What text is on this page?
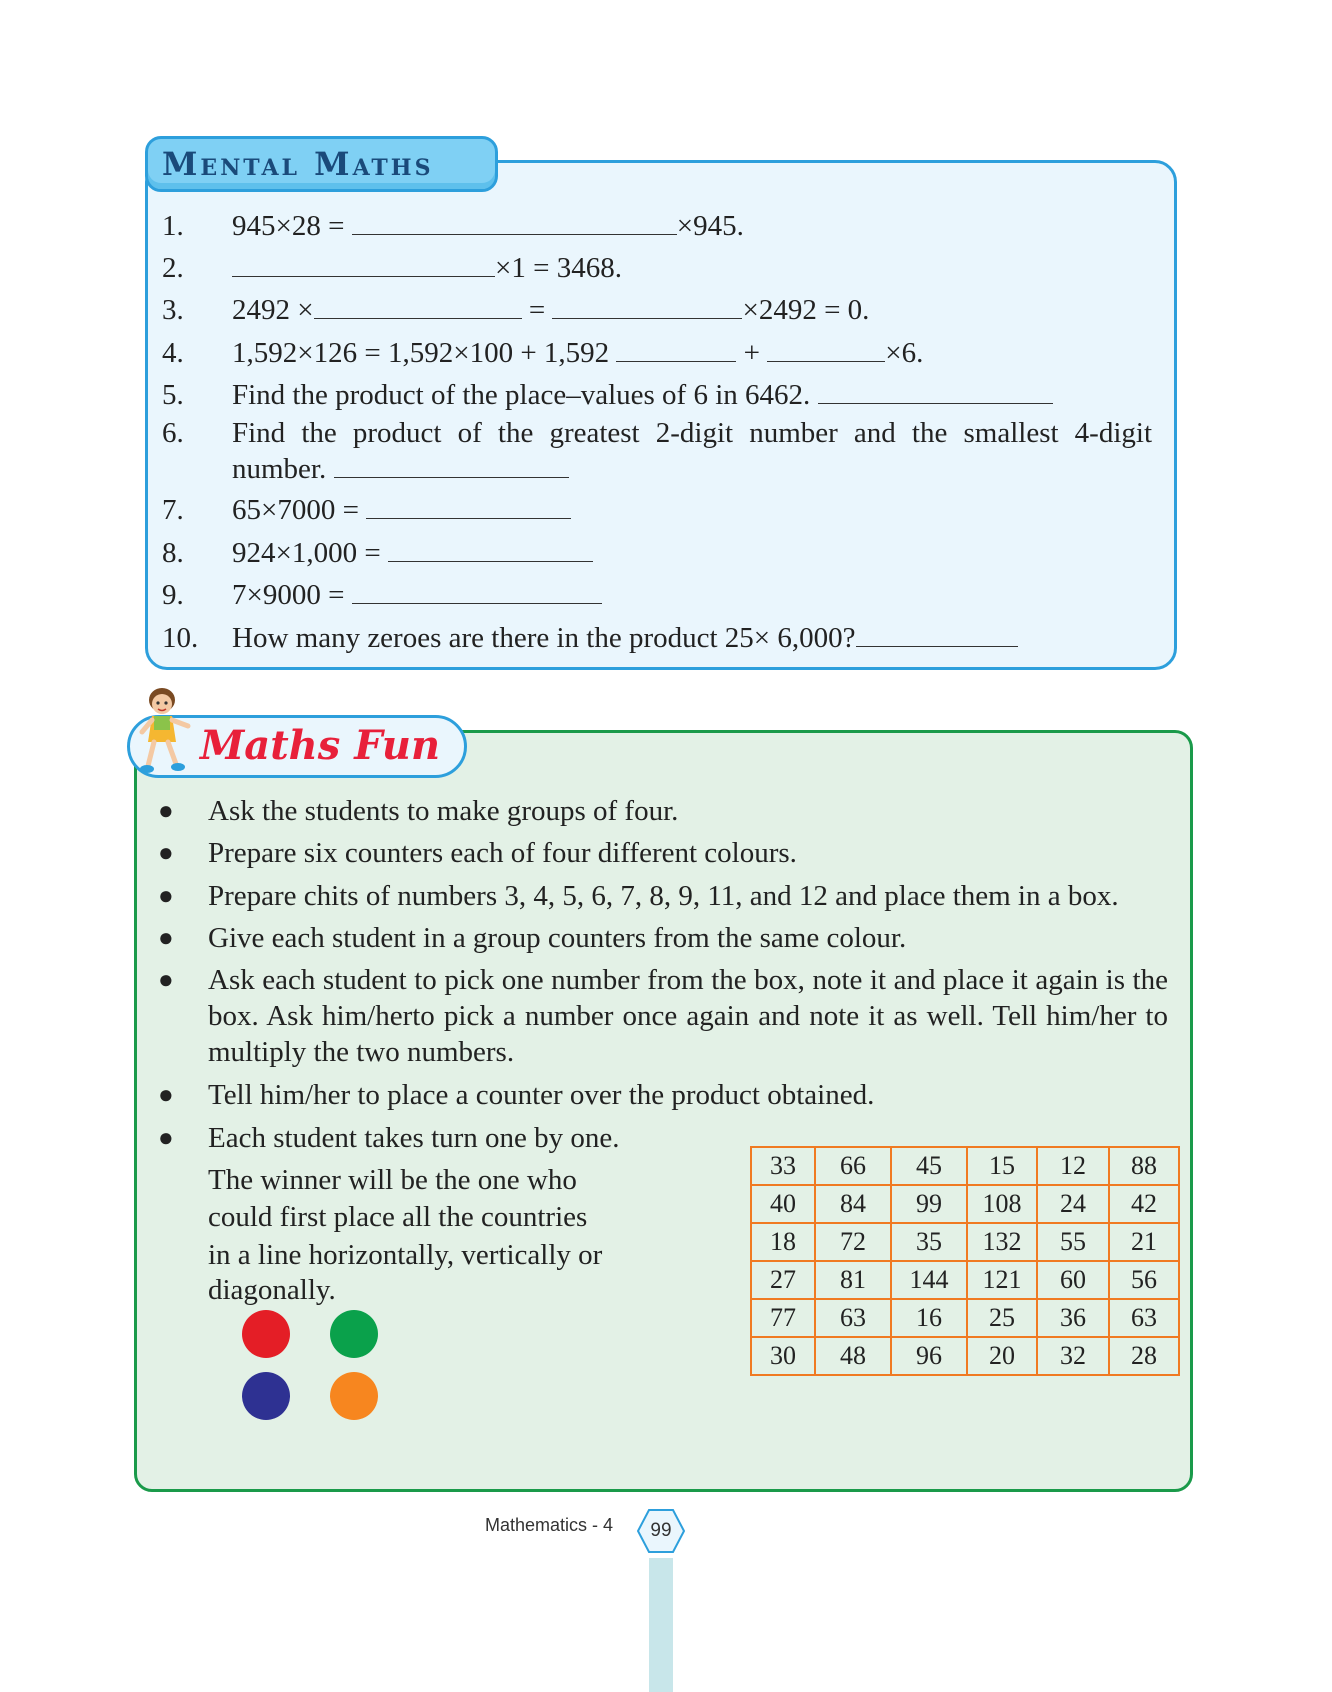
Mental Maths
1.	945×28 =	×945.
2.	×1 = 3468.
3.	2492 ×	=	×2492 = 0.
4.	1,592×126 = 1,592×100 + 1,592	+	×6.
5.	Find the product of the place–values of 6 in 6462.
6.	Find the product of the greatest 2-digit number and the smallest 4-digit
number.
7.	65×7000 =
8.	924×1,000 =
9.	7×9000 =
10.	How many zeroes are there in the product 25× 6,000?
Maths Fun
● Ask the students to make groups of four.
● Prepare six counters each of four different colours.
● Prepare chits of numbers 3, 4, 5, 6, 7, 8, 9, 11, and 12 and place them in a box.
● Give each student in a group counters from the same colour.
● Ask each student to pick one number from the box, note it and place it again is the box. Ask him/herto pick a number once again and note it as well. Tell him/her to multiply the two numbers.
● Tell him/her to place a counter over the product obtained.
● Each student takes turn one by one.
The winner will be the one who
could first place all the countries
in a line horizontally, vertically or
diagonally.
33	66	45	15	12	88
40	84	99	108	24	42
18	72	35	132	55	21
27	81	144	121	60	56
77	63	16	25	36	63
30	48	96	20	32	28
Mathematics - 4	99
